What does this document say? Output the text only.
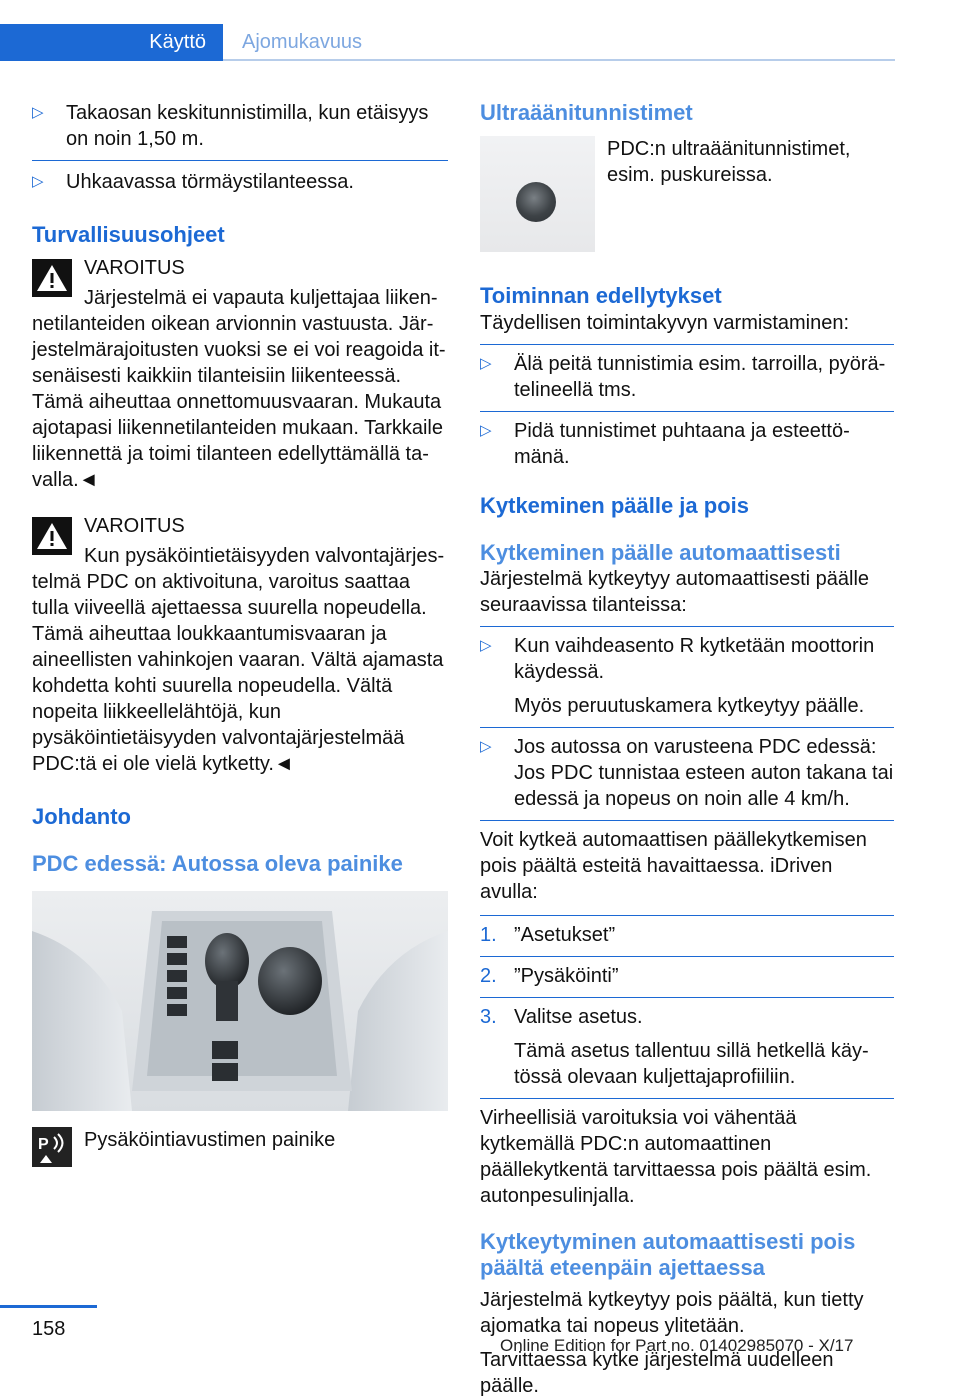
Käyttö	Ajomukavuus
▷ Takaosan keskitunnistimilla, kun etäisyys on noin 1,50 m.
▷ Uhkaavassa törmäystilanteessa.
Turvallisuusohjeet
VAROITUS
Järjestelmä ei vapauta kuljettajaa liiken-
netilanteiden oikean arvionnin vastuusta. Järjestelmärajoitusten vuoksi se ei voi reagoida itsenäisesti kaikkiin tilanteisiin liikenteessä. Tämä aiheuttaa onnettomuusvaaran. Mukauta ajotapasi liikennetilanteiden mukaan. Tarkkaile liikennettä ja toimi tilanteen edellyttämällä tavalla.◄
VAROITUS
Kun pysäköintietäisyyden valvontajärjes-
telmä PDC on aktivoituna, varoitus saattaa tulla viiveellä ajettaessa suurella nopeudella. Tämä aiheuttaa loukkaantumisvaaran ja aineellisten vahinkojen vaaran. Vältä ajamasta kohdetta kohti suurella nopeudella. Vältä nopeita liikkeellelähtöjä, kun pysäköintietäisyyden valvontajärjestelmää PDC:tä ei ole vielä kytketty.◄
Johdanto
PDC edessä: Autossa oleva painike
P	Pysäköintiavustimen painike
Ultraäänitunnistimet
PDC:n ultraäänitunnistimet, esim. puskureissa.
Toiminnan edellytykset
Täydellisen toimintakyvyn varmistaminen:
▷ Älä peitä tunnistimia esim. tarroilla, pyörätelineellä tms.
▷ Pidä tunnistimet puhtaana ja esteettömänä.
Kytkeminen päälle ja pois
Kytkeminen päälle automaattisesti
Järjestelmä kytkeytyy automaattisesti päälle seuraavissa tilanteissa:
▷ Kun vaihdeasento R kytketään moottorin käydessä.
Myös peruutuskamera kytkeytyy päälle.
▷ Jos autossa on varusteena PDC edessä: Jos PDC tunnistaa esteen auton takana tai edessä ja nopeus on noin alle 4 km/h.
Voit kytkeä automaattisen päällekytkemisen pois päältä esteitä havaittaessa. iDriven avulla:
1. ”Asetukset”
2. ”Pysäköinti”
3. Valitse asetus.
Tämä asetus tallentuu sillä hetkellä käytössä olevaan kuljettajaprofiiliin.
Virheellisiä varoituksia voi vähentää kytkemällä PDC:n automaattinen päällekytkentä tarvittaessa pois päältä esim. autonpesulinjalla.
Kytkeytyminen automaattisesti pois päältä eteenpäin ajettaessa
Järjestelmä kytkeytyy pois päältä, kun tietty ajomatka tai nopeus ylitetään.
Tarvittaessa kytke järjestelmä uudelleen päälle.
158
Online Edition for Part no. 01402985070 - X/17
